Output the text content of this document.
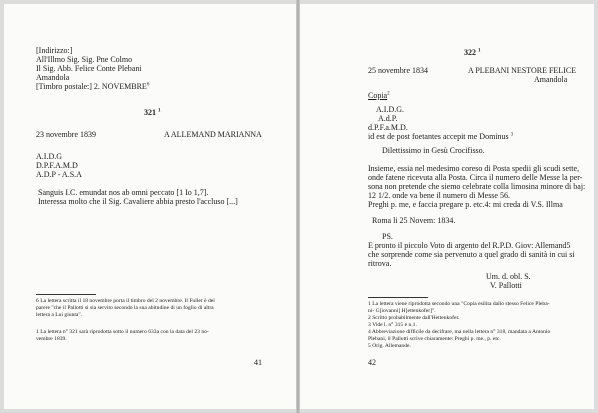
[Indirizzo:]
All'Illmo Sig. Sig. Pne Colmo
Il Sig. Abb. Felice Conte Plebani
Amandola
[Timbro postale:] 2. NOVEMBRE$^6$
321 $^1$
23 novembre 1839	A ALLEMAND MARIANNA
A.I.D.G
D.P.F.A.M.D
A.D.P - A.S.A
Sanguis I.C. emundat nos ab omni peccato [1 Io 1,7].
Interessa molto che il Sig. Cavaliere abbia presto l'accluso [...]
6 La lettera scritta il 18 novembre porta il timbro del 2 novembre. Il Fuller è del
parere "che il Pallotti si sia servito secondo la sua abitudine di un foglio di altra
lettera a Lui giunta".
1 La lettera n° 321 sarà riprodotta sotto il numero 633a con la data del 23 no-
vembre 1839.
41
322 $^1$
25 novembre 1834	A PLEBANI NESTORE FELICE
Amandola
Copia$^2$
A.I.D.G.
A.d.P.
d.P.F.a.M.D.
id est de post foetantes accepit me Dominus $^3$
Dilettissimo in Gesù Crocifisso.
Insieme, essia nel medesimo coreso di Posta spedii gli scudi sette,
onde fatene ricevuta alla Posta. Circa il numero delle Messe la per-
sona non pretende che siemo celebrate colla limosina minore di baj:
12 1/2. onde va bene il numero di Messe 56.
Preghi p. me, e faccia pregare p. etc.4: mi creda di V.S. Illma
Roma li 25 Novem: 1834.
PS.
E pronto il piccolo Voto di argento del R.P.D. Giov: Allemand5
che sorprende come sia pervenuto a quel grado di sanità in cui si
ritrova.
Um. d. obl. S.
V. Pallotti
1 La lettera viene riprodotta secondo una "Copia esilita dallo stesso Felice Pleba-
ni- G[iovanni] H[ettenkofer]".
2 Scritto probabilmente dall'Hettenkofer.
3 Vide l. n° 315 e n.1.
4 Abbreviazione difficile da decifrare, ma nella lettera n° 318, mandata a Antonio
Plebani, il Pallotti scrive chiaramente: Preghi p. me., p. etc.
5 Orig. Allemande.
42
